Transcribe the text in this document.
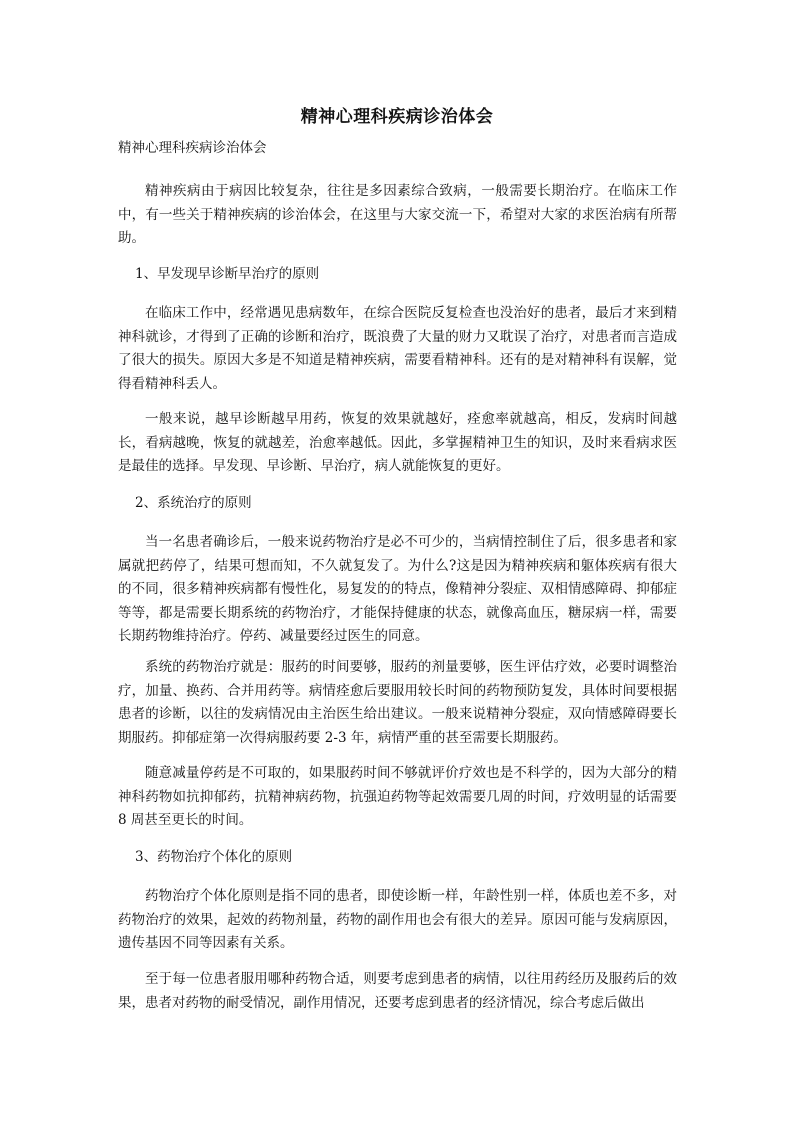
精神心理科疾病诊治体会
精神心理科疾病诊治体会

精神疾病由于病因比较复杂，往往是多因素综合致病，一般需要长期治疗。在临床工作中，有一些关于精神疾病的诊治体会，在这里与大家交流一下，希望对大家的求医治病有所帮助。

1、早发现早诊断早治疗的原则

在临床工作中，经常遇见患病数年，在综合医院反复检查也没治好的患者，最后才来到精神科就诊，才得到了正确的诊断和治疗，既浪费了大量的财力又耽误了治疗，对患者而言造成了很大的损失。原因大多是不知道是精神疾病，需要看精神科。还有的是对精神科有误解，觉得看精神科丢人。

一般来说，越早诊断越早用药，恢复的效果就越好，痊愈率就越高，相反，发病时间越长，看病越晚，恢复的就越差，治愈率越低。因此，多掌握精神卫生的知识，及时来看病求医是最佳的选择。早发现、早诊断、早治疗，病人就能恢复的更好。

2、系统治疗的原则

当一名患者确诊后，一般来说药物治疗是必不可少的，当病情控制住了后，很多患者和家属就把药停了，结果可想而知，不久就复发了。为什么?这是因为精神疾病和躯体疾病有很大的不同，很多精神疾病都有慢性化，易复发的的特点，像精神分裂症、双相情感障碍、抑郁症等等，都是需要长期系统的药物治疗，才能保持健康的状态，就像高血压，糖尿病一样，需要长期药物维持治疗。停药、减量要经过医生的同意。

系统的药物治疗就是：服药的时间要够，服药的剂量要够，医生评估疗效，必要时调整治疗，加量、换药、合并用药等。病情痊愈后要服用较长时间的药物预防复发，具体时间要根据患者的诊断，以往的发病情况由主治医生给出建议。一般来说精神分裂症，双向情感障碍要长期服药。抑郁症第一次得病服药要 2-3 年，病情严重的甚至需要长期服药。

随意减量停药是不可取的，如果服药时间不够就评价疗效也是不科学的，因为大部分的精神科药物如抗抑郁药，抗精神病药物，抗强迫药物等起效需要几周的时间，疗效明显的话需要 8 周甚至更长的时间。

3、药物治疗个体化的原则

药物治疗个体化原则是指不同的患者，即使诊断一样，年龄性别一样，体质也差不多，对药物治疗的效果，起效的药物剂量，药物的副作用也会有很大的差异。原因可能与发病原因，遗传基因不同等因素有关系。

至于每一位患者服用哪种药物合适，则要考虑到患者的病情，以往用药经历及服药后的效果，患者对药物的耐受情况，副作用情况，还要考虑到患者的经济情况，综合考虑后做出
